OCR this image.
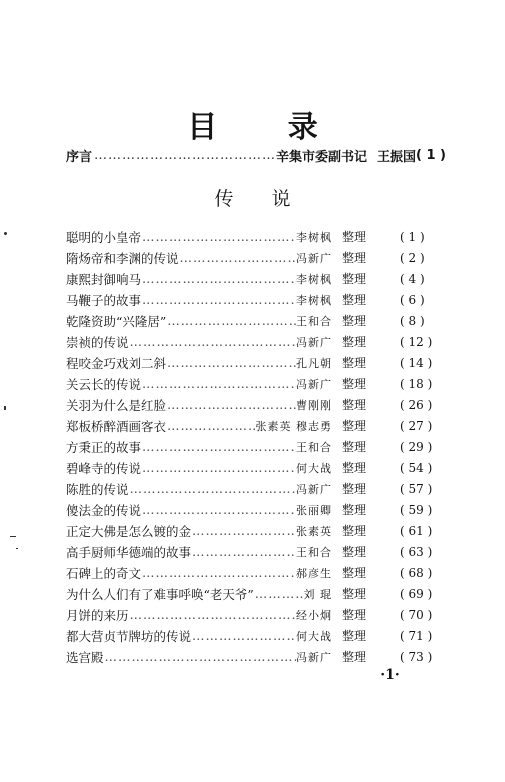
目 录
序言 …………………………………………………………………………	辛集市委副书记 王振国 ( 1 )
传 说
聪明的小皇帝 ………………………………………………………………………………………………	李树枫 整理	( 1 )
隋炀帝和李渊的传说 ………………………………………………………………………………………………	冯新广 整理	( 2 )
康熙封御响马 ………………………………………………………………………………………………	李树枫 整理	( 4 )
马鞭子的故事 ………………………………………………………………………………………………	李树枫 整理	( 6 )
乾隆资助“兴隆居” ………………………………………………………………………………………………	王和合 整理	( 8 )
崇祯的传说 ………………………………………………………………………………………………	冯新广 整理	( 12 )
程咬金巧戏刘二斜 ………………………………………………………………………………………………	孔凡朝 整理	( 14 )
关云长的传说 ………………………………………………………………………………………………	冯新广 整理	( 18 )
关羽为什么是红脸 ………………………………………………………………………………………………	曹刚刚 整理	( 26 )
郑板桥醉酒画客衣 ………………………………………………………………………………………………	张素英 穆志勇 整理	( 27 )
方秉正的故事 ………………………………………………………………………………………………	王和合 整理	( 29 )
碧峰寺的传说 ………………………………………………………………………………………………	何大战 整理	( 54 )
陈胜的传说 ………………………………………………………………………………………………	冯新广 整理	( 57 )
傻法金的传说 ………………………………………………………………………………………………	张丽卿 整理	( 59 )
正定大佛是怎么镀的金 ………………………………………………………………………………………………	张素英 整理	( 61 )
高手厨师华德端的故事 ………………………………………………………………………………………………	王和合 整理	( 63 )
石碑上的奇文 ………………………………………………………………………………………………	郝彦生 整理	( 68 )
为什么人们有了难事呼唤“老天爷” ………………………………………………………………………………………………	刘 琨 整理	( 69 )
月饼的来历 ………………………………………………………………………………………………	经小炯 整理	( 70 )
都大营贞节牌坊的传说 ………………………………………………………………………………………………	何大战 整理	( 71 )
选宫殿 ………………………………………………………………………………………………	冯新广 整理	( 73 )
·1·
